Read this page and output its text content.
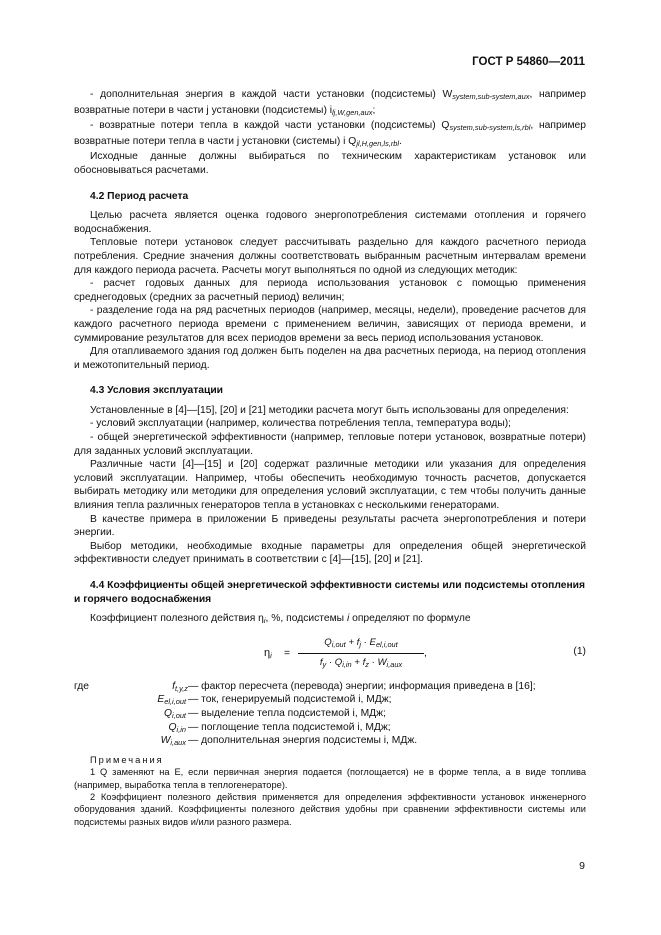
ГОСТ Р 54860—2011

- дополнительная энергия в каждой части установки (подсистемы) $W_{system,sub-system,aux}$, например возвратные потери в части j установки (подсистемы) $i_{lj,W,gen,aux}$;

- возвратные потери тепла в каждой части установки (подсистемы) $Q_{system,sub-system,ls,rbl}$, например возвратные потери тепла в части j установки (системы) i $Q_{jl,H,gen,ls,rbl}$.

Исходные данные должны выбираться по техническим характеристикам установок или обосновываться расчетами.

4.2 Период расчета

Целью расчета является оценка годового энергопотребления системами отопления и горячего водоснабжения.

Тепловые потери установок следует рассчитывать раздельно для каждого расчетного периода потребления. Средние значения должны соответствовать выбранным расчетным интервалам времени для каждого периода расчета. Расчеты могут выполняться по одной из следующих методик:

- расчет годовых данных для периода использования установок с помощью применения среднегодовых (средних за расчетный период) величин;

- разделение года на ряд расчетных периодов (например, месяцы, недели), проведение расчетов для каждого расчетного периода времени с применением величин, зависящих от периода времени, и суммирование результатов для всех периодов времени за весь период использования установок.

Для отапливаемого здания год должен быть поделен на два расчетных периода, на период отопления и межотопительный период.

4.3 Условия эксплуатации

Установленные в [4]—[15], [20] и [21] методики расчета могут быть использованы для определения:

- условий эксплуатации (например, количества потребления тепла, температура воды);

- общей энергетической эффективности (например, тепловые потери установок, возвратные потери) для заданных условий эксплуатации.

Различные части [4]—[15] и [20] содержат различные методики или указания для определения условий эксплуатации. Например, чтобы обеспечить необходимую точность расчетов, допускается выбирать методику или методики для определения условий эксплуатации, с тем чтобы получить данные влияния тепла различных генераторов тепла в установках с несколькими генераторами.

В качестве примера в приложении Б приведены результаты расчета энергопотребления и потери энергии.

Выбор методики, необходимые входные параметры для определения общей энергетической эффективности следует принимать в соответствии с [4]—[15], [20] и [21].

4.4 Коэффициенты общей энергетической эффективности системы или подсистемы отопления и горячего водоснабжения

Коэффициент полезного действия $\eta_i$, %, подсистемы i определяют по формуле

$\eta_i$ =
$Q_{i,out} + f_j \cdot E_{el,i,out}$
$f_y \cdot Q_{i,in} + f_z \cdot W_{i,aux}$
,	(1)
где	$f_{t,y,z}$ — фактор пересчета (перевода) энергии; информация приведена в [16];
$E_{el,i,out}$ — ток, генерируемый подсистемой i, МДж;
$Q_{i,out}$ — выделение тепла подсистемой i, МДж;
$Q_{i,in}$ — поглощение тепла подсистемой i, МДж;
$W_{i,aux}$ — дополнительная энергия подсистемы i, МДж.

Примечания

1 Q заменяют на E, если первичная энергия подается (поглощается) не в форме тепла, а в виде топлива (например, выработка тепла в теплогенераторе).

2 Коэффициент полезного действия применяется для определения эффективности установок инженерного оборудования зданий. Коэффициенты полезного действия удобны при сравнении эффективности системы или подсистемы разных видов и/или разного размера.

9
